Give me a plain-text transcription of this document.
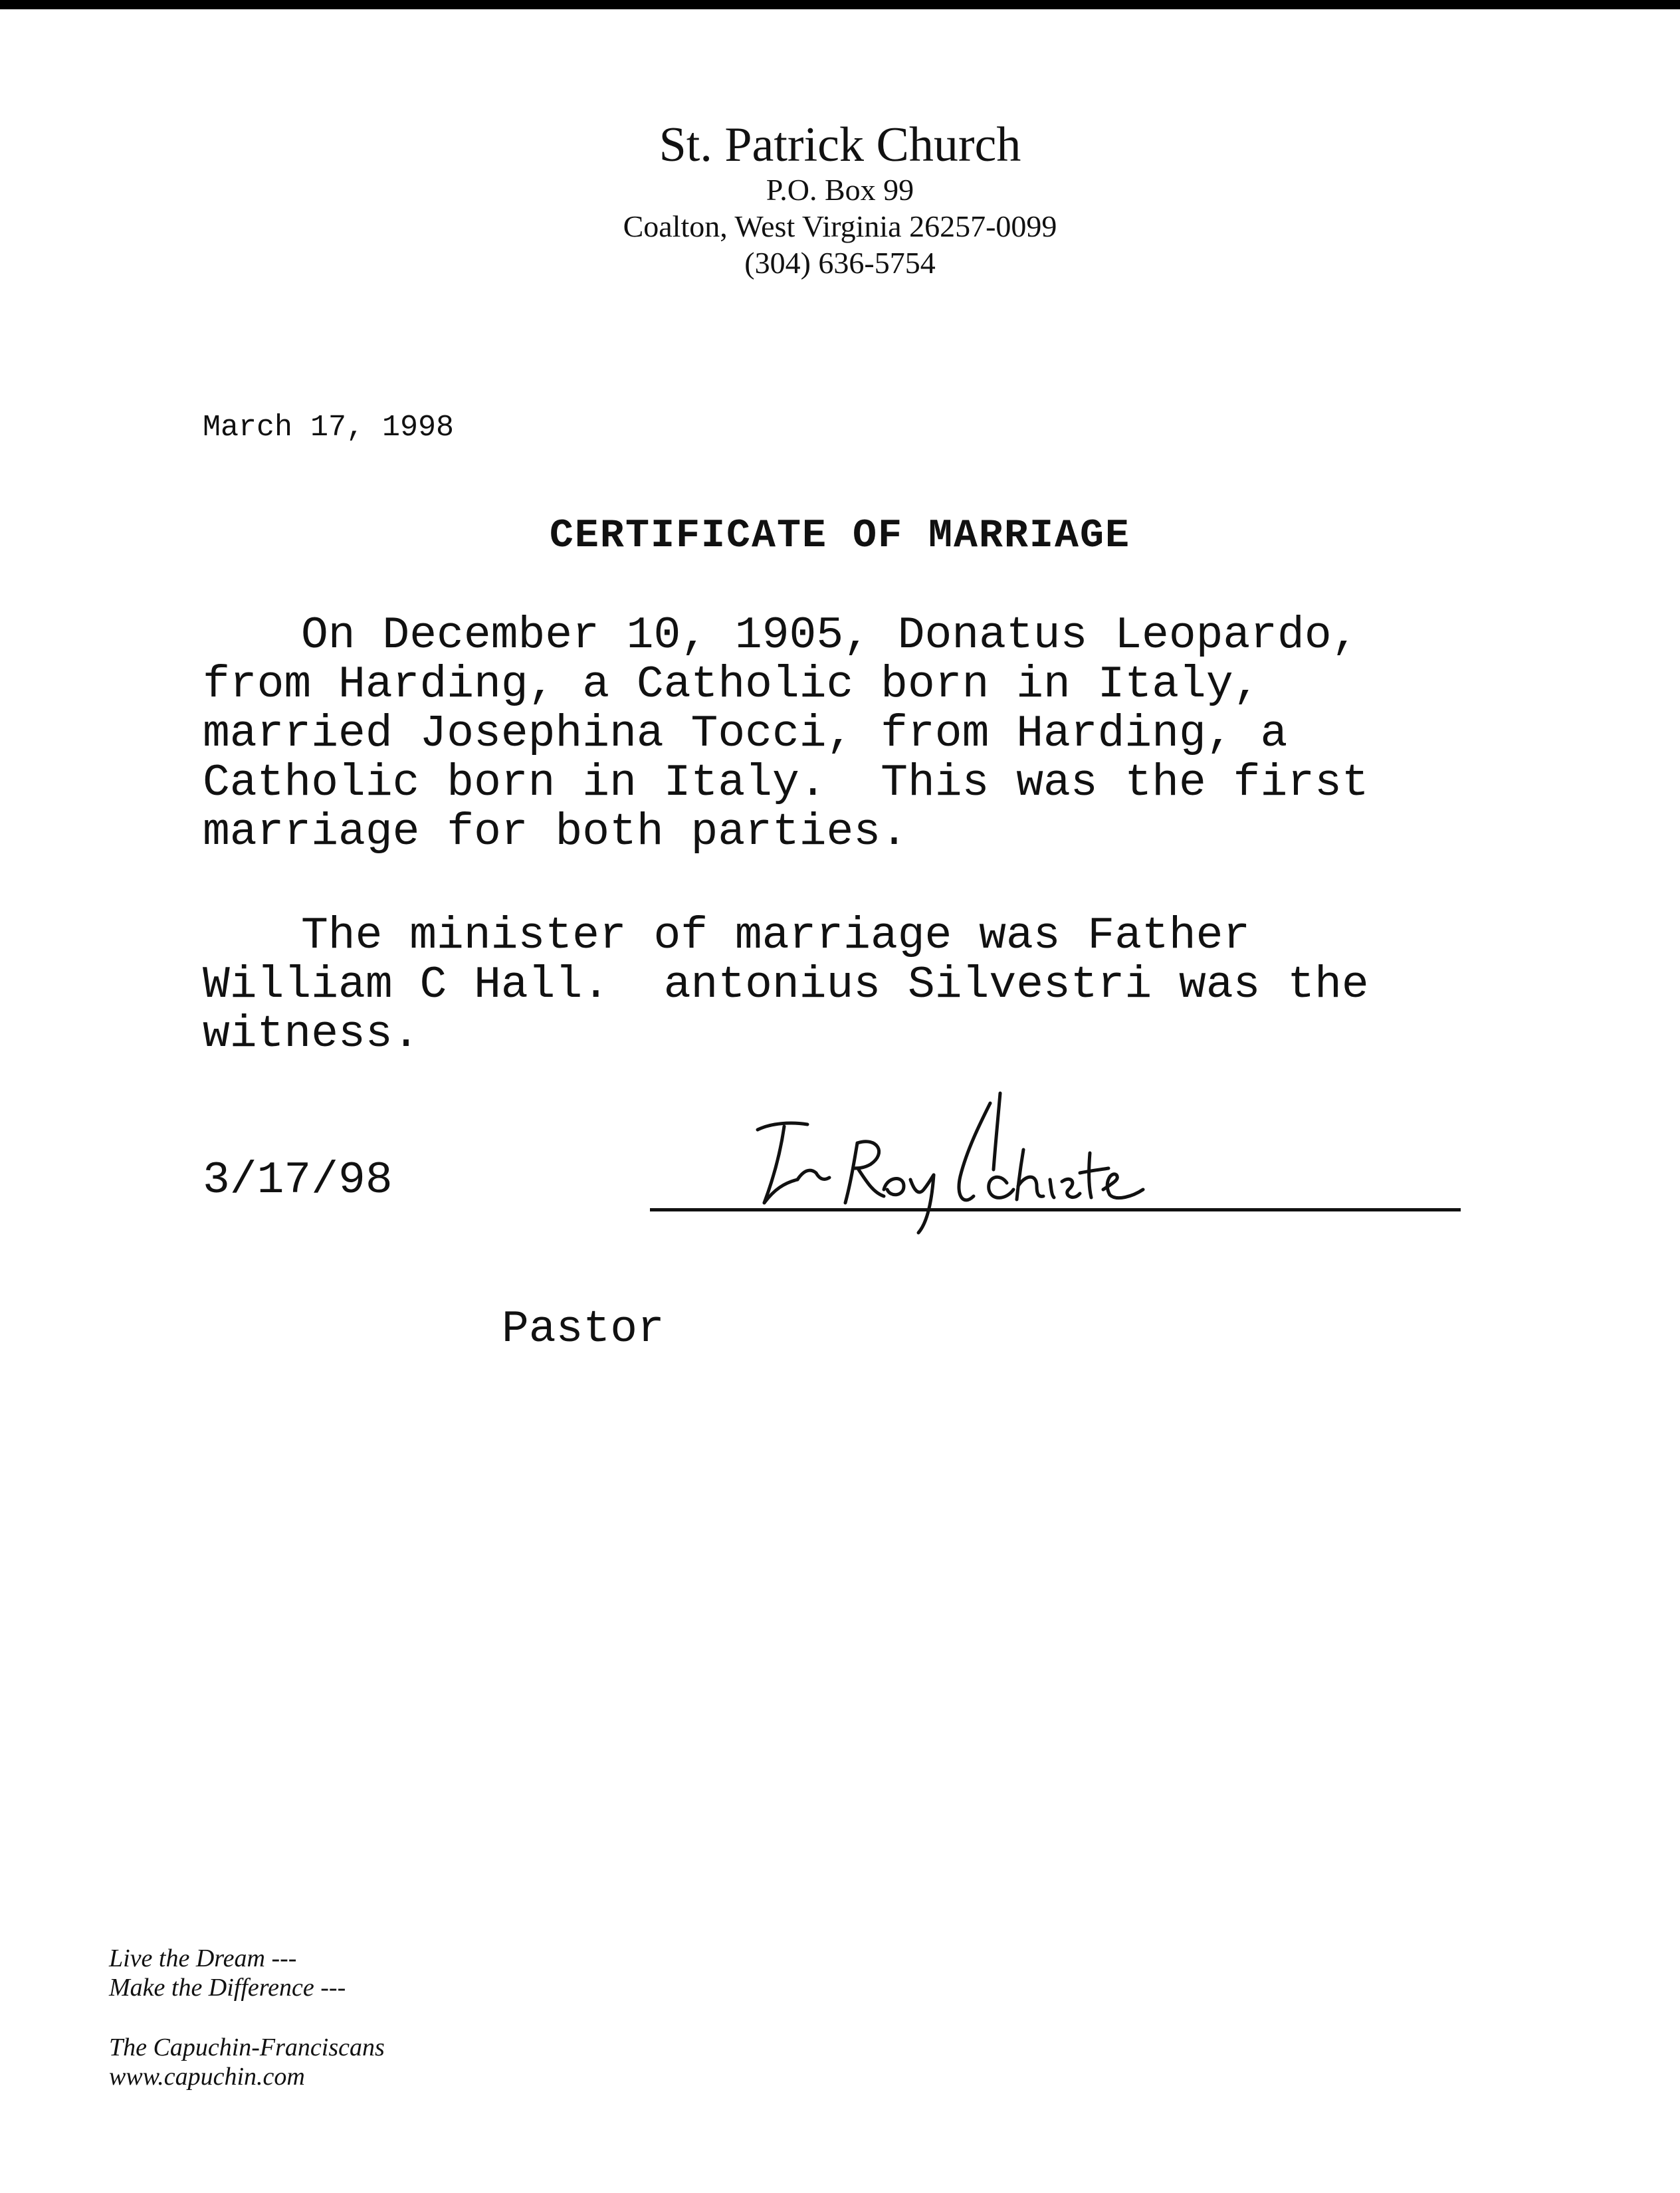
St. Patrick Church
P.O. Box 99
Coalton, West Virginia 26257-0099
(304) 636-5754
March 17, 1998
CERTIFICATE OF MARRIAGE
On December 10, 1905, Donatus Leopardo,
from Harding, a Catholic born in Italy,
married Josephina Tocci, from Harding, a
Catholic born in Italy.  This was the first
marriage for both parties.
The minister of marriage was Father
William C Hall.  antonius Silvestri was the
witness.
3/17/98
Pastor
Live the Dream ---
Make the Difference ---
The Capuchin-Franciscans
www.capuchin.com
